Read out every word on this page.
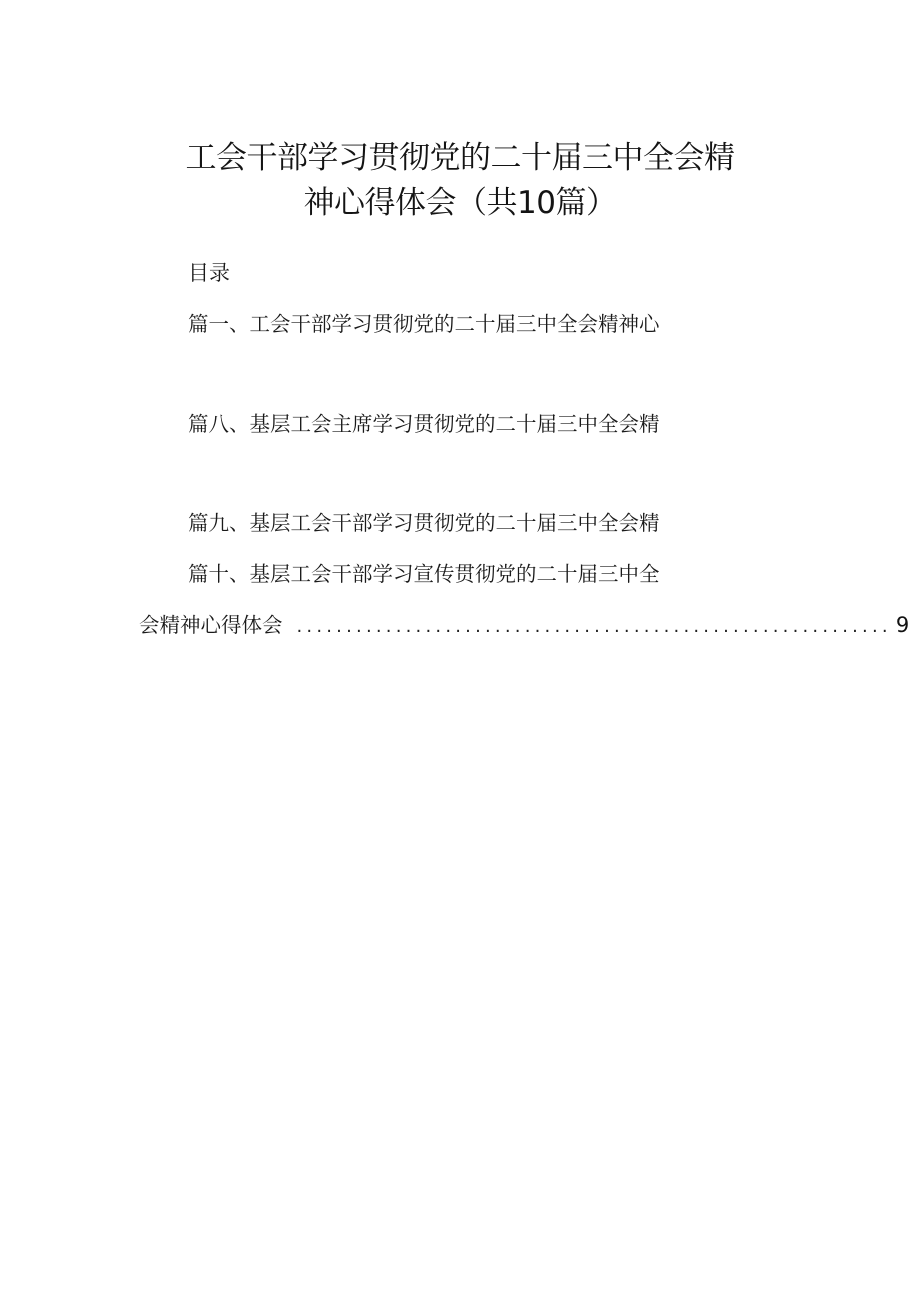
工会干部学习贯彻党的二十届三中全会精
神心得体会（共10篇）
目录
篇一、工会干部学习贯彻党的二十届三中全会精神心
篇八、基层工会主席学习贯彻党的二十届三中全会精
篇九、基层工会干部学习贯彻党的二十届三中全会精
篇十、基层工会干部学习宣传贯彻党的二十届三中全
会精神心得体会 ............................................................ 9
